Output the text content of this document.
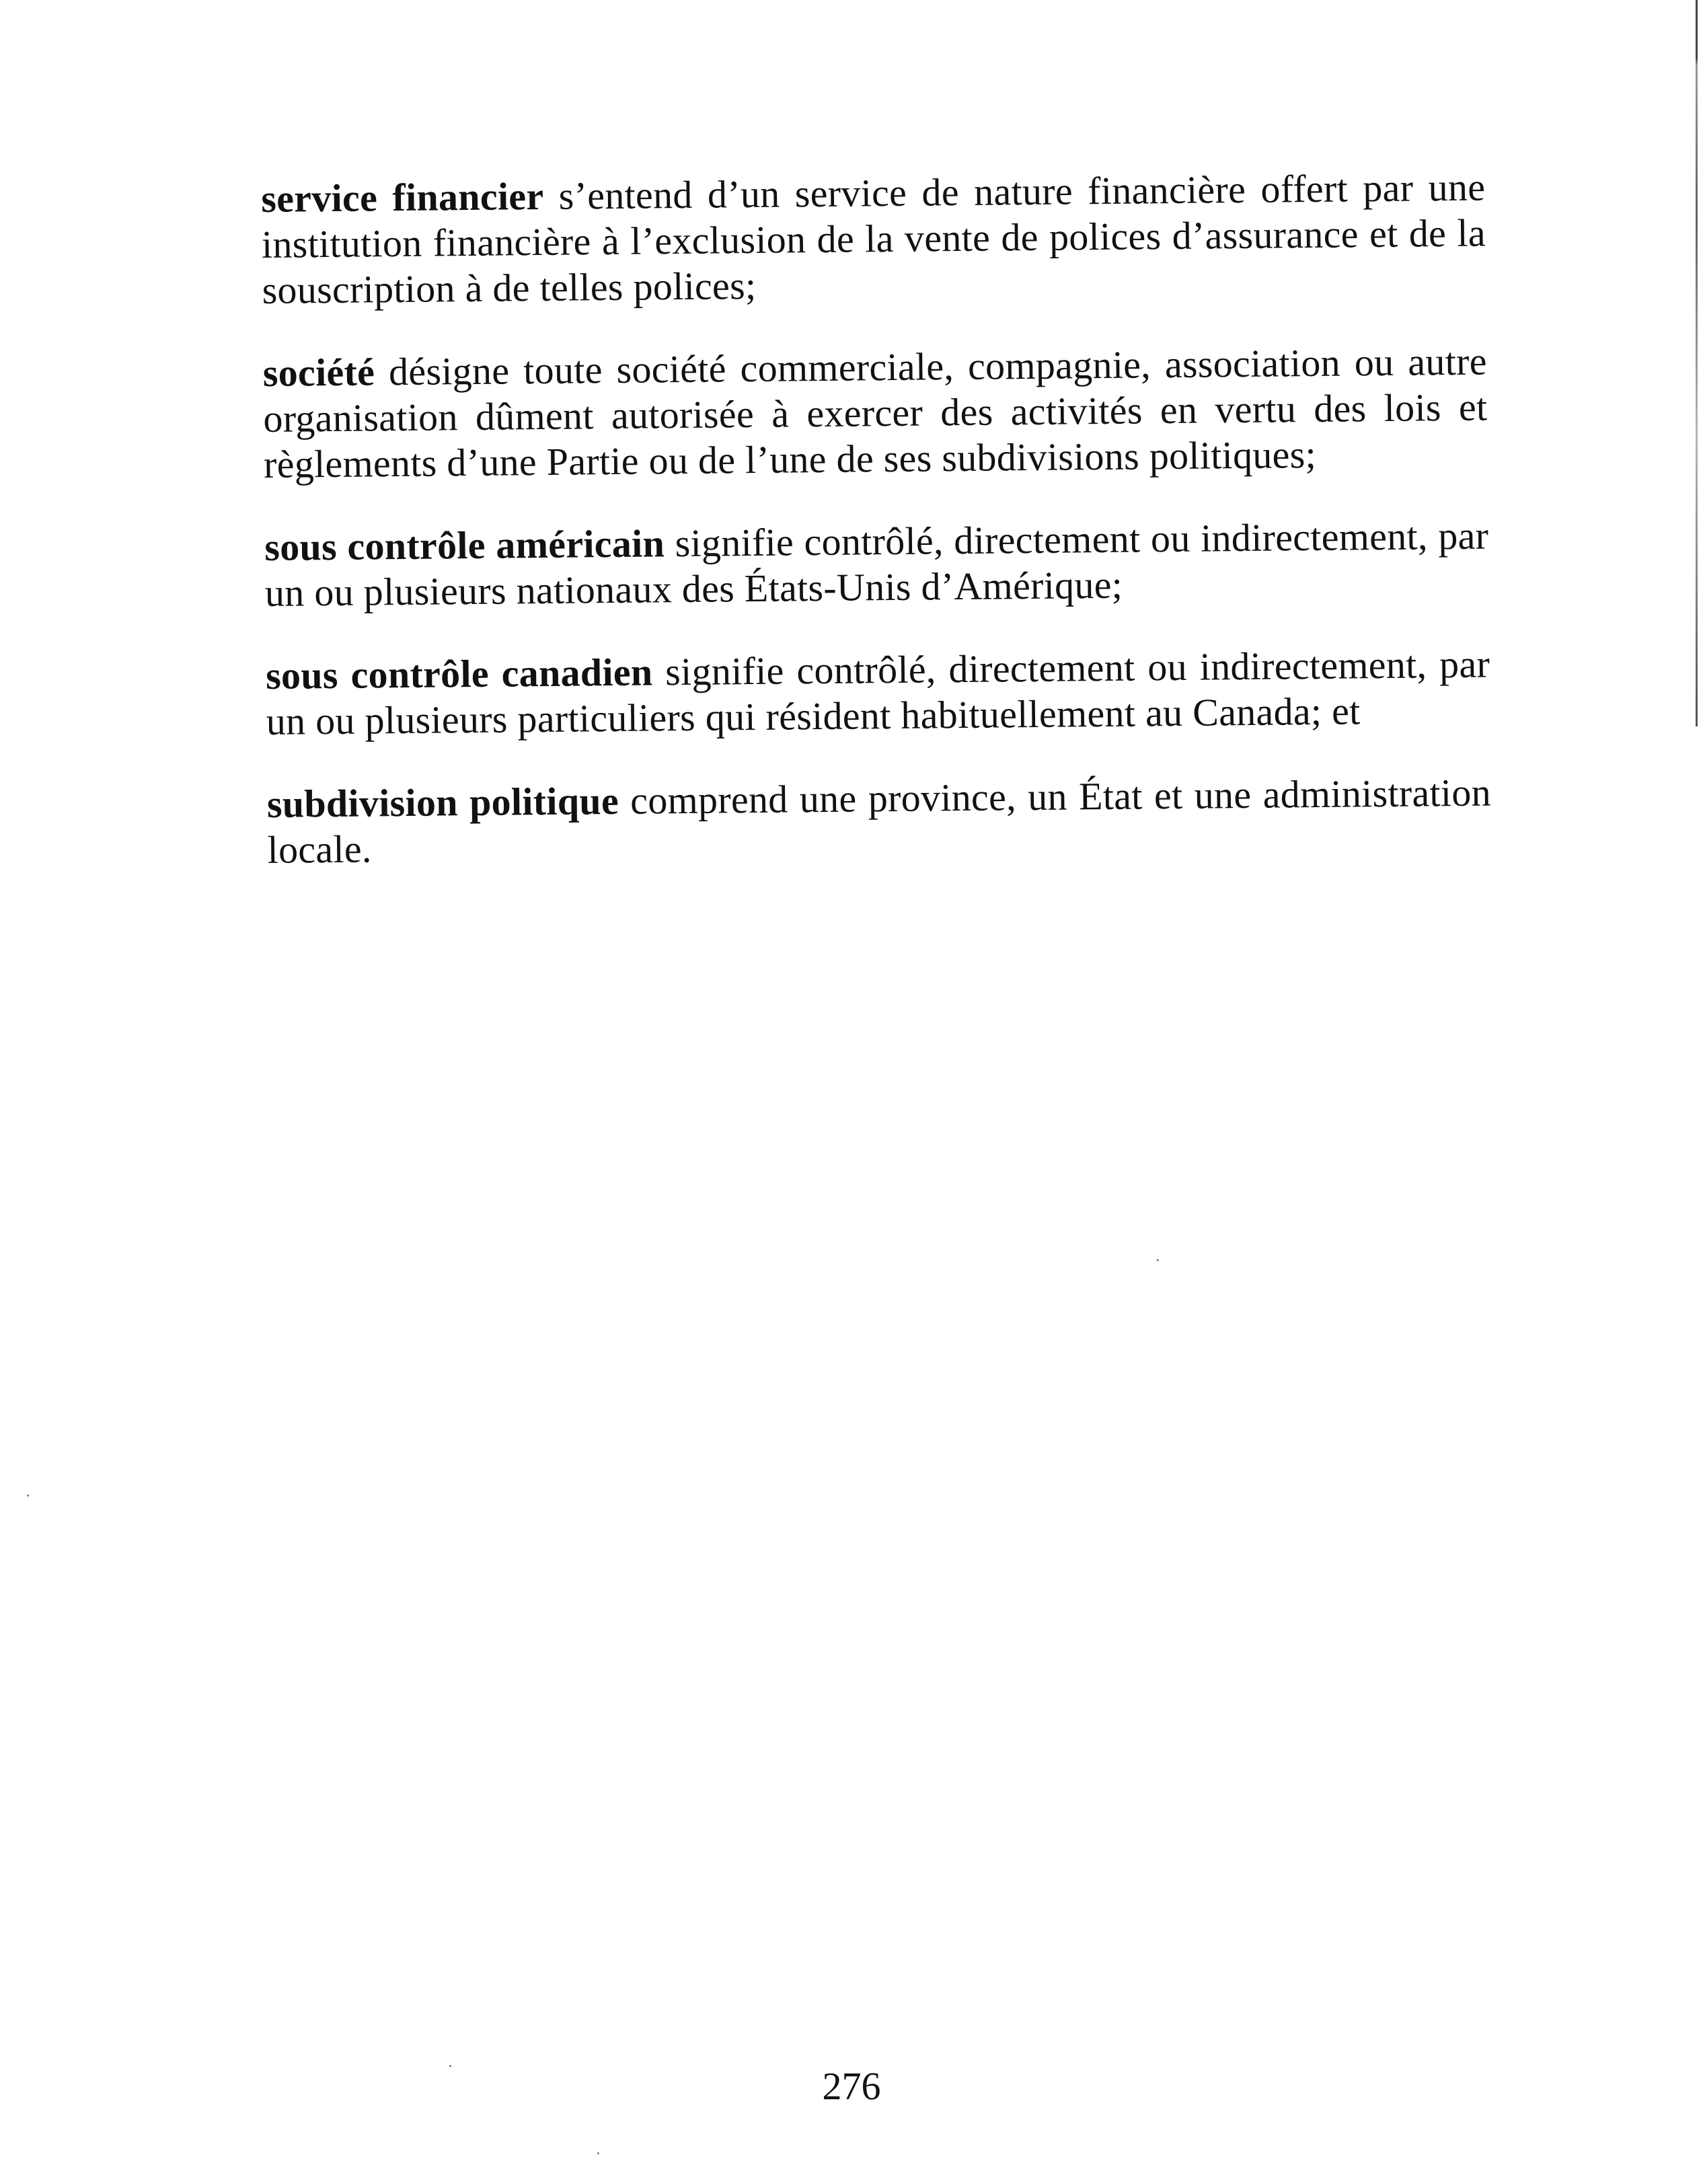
service financier s’entend d’un service de nature financière offert par une institution financière à l’exclusion de la vente de polices d’assurance et de la souscription à de telles polices;

société désigne toute société commerciale, compagnie, association ou autre organisation dûment autorisée à exercer des activités en vertu des lois et règlements d’une Partie ou de l’une de ses subdivisions politiques;

sous contrôle américain signifie contrôlé, directement ou indirectement, par un ou plusieurs nationaux des États-Unis d’Amérique;

sous contrôle canadien signifie contrôlé, directement ou indirectement, par un ou plusieurs particuliers qui résident habituellement au Canada; et

subdivision politique comprend une province, un État et une administration locale.

276
